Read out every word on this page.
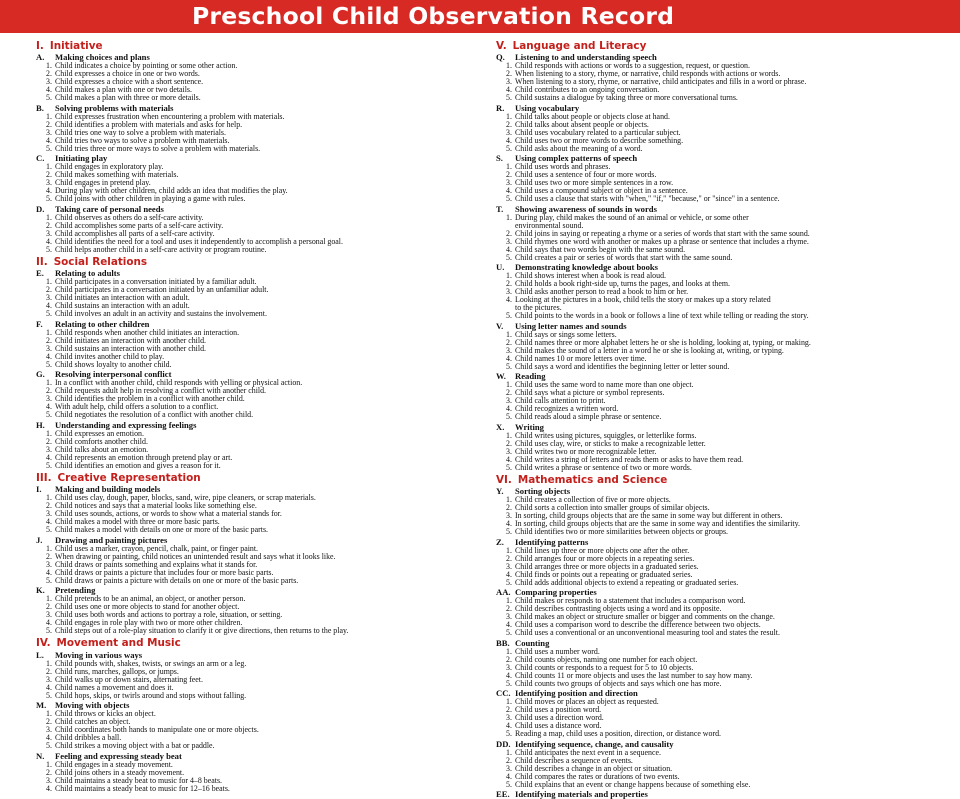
Preschool Child Observation Record
I. Initiative
A. Making choices and plans
1. Child indicates a choice by pointing or some other action.
2. Child expresses a choice in one or two words.
3. Child expresses a choice with a short sentence.
4. Child makes a plan with one or two details.
5. Child makes a plan with three or more details.
B. Solving problems with materials
1. Child expresses frustration when encountering a problem with materials.
2. Child identifies a problem with materials and asks for help.
3. Child tries one way to solve a problem with materials.
4. Child tries two ways to solve a problem with materials.
5. Child tries three or more ways to solve a problem with materials.
C. Initiating play
1. Child engages in exploratory play.
2. Child makes something with materials.
3. Child engages in pretend play.
4. During play with other children, child adds an idea that modifies the play.
5. Child joins with other children in playing a game with rules.
D. Taking care of personal needs
1. Child observes as others do a self-care activity.
2. Child accomplishes some parts of a self-care activity.
3. Child accomplishes all parts of a self-care activity.
4. Child identifies the need for a tool and uses it independently to accomplish a personal goal.
5. Child helps another child in a self-care activity or program routine.
II. Social Relations
E. Relating to adults
1. Child participates in a conversation initiated by a familiar adult.
2. Child participates in a conversation initiated by an unfamiliar adult.
3. Child initiates an interaction with an adult.
4. Child sustains an interaction with an adult.
5. Child involves an adult in an activity and sustains the involvement.
F. Relating to other children
1. Child responds when another child initiates an interaction.
2. Child initiates an interaction with another child.
3. Child sustains an interaction with another child.
4. Child invites another child to play.
5. Child shows loyalty to another child.
G. Resolving interpersonal conflict
1. In a conflict with another child, child responds with yelling or physical action.
2. Child requests adult help in resolving a conflict with another child.
3. Child identifies the problem in a conflict with another child.
4. With adult help, child offers a solution to a conflict.
5. Child negotiates the resolution of a conflict with another child.
H. Understanding and expressing feelings
1. Child expresses an emotion.
2. Child comforts another child.
3. Child talks about an emotion.
4. Child represents an emotion through pretend play or art.
5. Child identifies an emotion and gives a reason for it.
III. Creative Representation
I. Making and building models
1. Child uses clay, dough, paper, blocks, sand, wire, pipe cleaners, or scrap materials.
2. Child notices and says that a material looks like something else.
3. Child uses sounds, actions, or words to show what a material stands for.
4. Child makes a model with three or more basic parts.
5. Child makes a model with details on one or more of the basic parts.
J. Drawing and painting pictures
1. Child uses a marker, crayon, pencil, chalk, paint, or finger paint.
2. When drawing or painting, child notices an unintended result and says what it looks like.
3. Child draws or paints something and explains what it stands for.
4. Child draws or paints a picture that includes four or more basic parts.
5. Child draws or paints a picture with details on one or more of the basic parts.
K. Pretending
1. Child pretends to be an animal, an object, or another person.
2. Child uses one or more objects to stand for another object.
3. Child uses both words and actions to portray a role, situation, or setting.
4. Child engages in role play with two or more other children.
5. Child steps out of a role-play situation to clarify it or give directions, then returns to the play.
IV. Movement and Music
L. Moving in various ways
1. Child pounds with, shakes, twists, or swings an arm or a leg.
2. Child runs, marches, gallops, or jumps.
3. Child walks up or down stairs, alternating feet.
4. Child names a movement and does it.
5. Child hops, skips, or twirls around and stops without falling.
M. Moving with objects
1. Child throws or kicks an object.
2. Child catches an object.
3. Child coordinates both hands to manipulate one or more objects.
4. Child dribbles a ball.
5. Child strikes a moving object with a bat or paddle.
N. Feeling and expressing steady beat
1. Child engages in a steady movement.
2. Child joins others in a steady movement.
3. Child maintains a steady beat to music for 4–8 beats.
4. Child maintains a steady beat to music for 12–16 beats.
V. Language and Literacy
Q. Listening to and understanding speech
1. Child responds with actions or words to a suggestion, request, or question.
2. When listening to a story, rhyme, or narrative, child responds with actions or words.
3. When listening to a story, rhyme, or narrative, child anticipates and fills in a word or phrase.
4. Child contributes to an ongoing conversation.
5. Child sustains a dialogue by taking three or more conversational turns.
R. Using vocabulary
1. Child talks about people or objects close at hand.
2. Child talks about absent people or objects.
3. Child uses vocabulary related to a particular subject.
4. Child uses two or more words to describe something.
5. Child asks about the meaning of a word.
S. Using complex patterns of speech
1. Child uses words and phrases.
2. Child uses a sentence of four or more words.
3. Child uses two or more simple sentences in a row.
4. Child uses a compound subject or object in a sentence.
5. Child uses a clause that starts with "when," "if," "because," or "since" in a sentence.
T. Showing awareness of sounds in words
1. During play, child makes the sound of an animal or vehicle, or some other
environmental sound.
2. Child joins in saying or repeating a rhyme or a series of words that start with the same sound.
3. Child rhymes one word with another or makes up a phrase or sentence that includes a rhyme.
4. Child says that two words begin with the same sound.
5. Child creates a pair or series of words that start with the same sound.
U. Demonstrating knowledge about books
1. Child shows interest when a book is read aloud.
2. Child holds a book right-side up, turns the pages, and looks at them.
3. Child asks another person to read a book to him or her.
4. Looking at the pictures in a book, child tells the story or makes up a story related
to the pictures.
5. Child points to the words in a book or follows a line of text while telling or reading the story.
V. Using letter names and sounds
1. Child says or sings some letters.
2. Child names three or more alphabet letters he or she is holding, looking at, typing, or making.
3. Child makes the sound of a letter in a word he or she is looking at, writing, or typing.
4. Child names 10 or more letters over time.
5. Child says a word and identifies the beginning letter or letter sound.
W. Reading
1. Child uses the same word to name more than one object.
2. Child says what a picture or symbol represents.
3. Child calls attention to print.
4. Child recognizes a written word.
5. Child reads aloud a simple phrase or sentence.
X. Writing
1. Child writes using pictures, squiggles, or letterlike forms.
2. Child uses clay, wire, or sticks to make a recognizable letter.
3. Child writes two or more recognizable letter.
4. Child writes a string of letters and reads them or asks to have them read.
5. Child writes a phrase or sentence of two or more words.
VI. Mathematics and Science
Y. Sorting objects
1. Child creates a collection of five or more objects.
2. Child sorts a collection into smaller groups of similar objects.
3. In sorting, child groups objects that are the same in some way but different in others.
4. In sorting, child groups objects that are the same in some way and identifies the similarity.
5. Child identifies two or more similarities between objects or groups.
Z. Identifying patterns
1. Child lines up three or more objects one after the other.
2. Child arranges four or more objects in a repeating series.
3. Child arranges three or more objects in a graduated series.
4. Child finds or points out a repeating or graduated series.
5. Child adds additional objects to extend a repeating or graduated series.
AA. Comparing properties
1. Child makes or responds to a statement that includes a comparison word.
2. Child describes contrasting objects using a word and its opposite.
3. Child makes an object or structure smaller or bigger and comments on the change.
4. Child uses a comparison word to describe the difference between two objects.
5. Child uses a conventional or an unconventional measuring tool and states the result.
BB. Counting
1. Child uses a number word.
2. Child counts objects, naming one number for each object.
3. Child counts or responds to a request for 5 to 10 objects.
4. Child counts 11 or more objects and uses the last number to say how many.
5. Child counts two groups of objects and says which one has more.
CC. Identifying position and direction
1. Child moves or places an object as requested.
2. Child uses a position word.
3. Child uses a direction word.
4. Child uses a distance word.
5. Reading a map, child uses a position, direction, or distance word.
DD. Identifying sequence, change, and causality
1. Child anticipates the next event in a sequence.
2. Child describes a sequence of events.
3. Child describes a change in an object or situation.
4. Child compares the rates or durations of two events.
5. Child explains that an event or change happens because of something else.
EE. Identifying materials and properties
